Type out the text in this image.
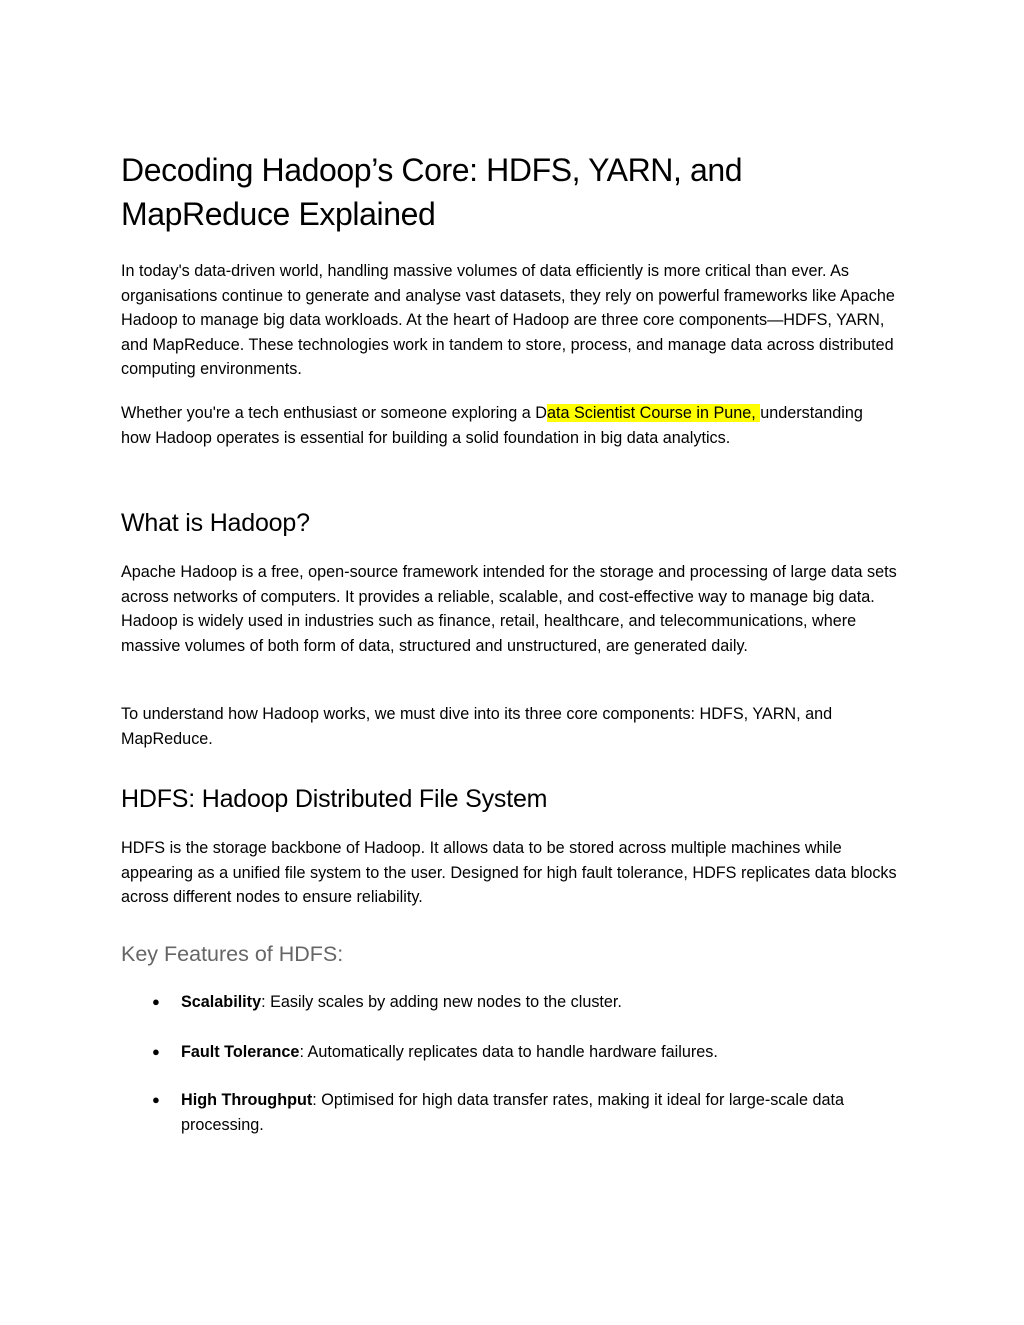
Decoding Hadoop’s Core: HDFS, YARN, and MapReduce Explained

In today's data-driven world, handling massive volumes of data efficiently is more critical than ever. As organisations continue to generate and analyse vast datasets, they rely on powerful frameworks like Apache Hadoop to manage big data workloads. At the heart of Hadoop are three core components—HDFS, YARN, and MapReduce. These technologies work in tandem to store, process, and manage data across distributed computing environments.

Whether you're a tech enthusiast or someone exploring a Data Scientist Course in Pune, understanding how Hadoop operates is essential for building a solid foundation in big data analytics.

What is Hadoop?

Apache Hadoop is a free, open-source framework intended for the storage and processing of large data sets across networks of computers. It provides a reliable, scalable, and cost-effective way to manage big data. Hadoop is widely used in industries such as finance, retail, healthcare, and telecommunications, where massive volumes of both form of data, structured and unstructured, are generated daily.

To understand how Hadoop works, we must dive into its three core components: HDFS, YARN, and MapReduce.

HDFS: Hadoop Distributed File System

HDFS is the storage backbone of Hadoop. It allows data to be stored across multiple machines while appearing as a unified file system to the user. Designed for high fault tolerance, HDFS replicates data blocks across different nodes to ensure reliability.

Key Features of HDFS:
● Scalability: Easily scales by adding new nodes to the cluster.
● Fault Tolerance: Automatically replicates data to handle hardware failures.
● High Throughput: Optimised for high data transfer rates, making it ideal for large-scale data processing.
